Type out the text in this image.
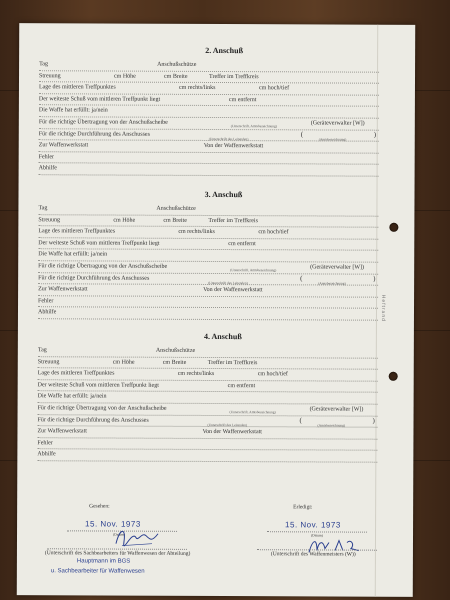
Heftrand
2. Anschuß
Tag	Anschußschütze
Streuung	cm Höhe	cm Breite	Treffer im Treffkreis
Lage des mittleren Treffpunktes	cm rechts/links	cm hoch/tief
Der weiteste Schuß vom mittleren Treffpunkt liegt	cm entfernt
Die Waffe hat erfüllt: ja/nein
Für die richtige Übertragung von der Anschußscheibe
(Unterschrift, Amtsbezeichnung)	(Geräteverwalter [W])
Für die richtige Durchführung des Anschusses	(	)
(Unterschrift des Leitenden)	(Amtsbezeichnung)
Zur Waffenwerkstatt	Von der Waffenwerkstatt
Fehler
Abhilfe
3. Anschuß
Tag	Anschußschütze
Streuung	cm Höhe	cm Breite	Treffer im Treffkreis
Lage des mittleren Treffpunktes	cm rechts/links	cm hoch/tief
Der weiteste Schuß vom mittleren Treffpunkt liegt	cm entfernt
Die Waffe hat erfüllt: ja/nein
Für die richtige Übertragung von der Anschußscheibe
(Unterschrift, Amtsbezeichnung)	(Geräteverwalter [W])
Für die richtige Durchführung des Anschusses	(	)
(Unterschrift des Leitenden)	(Amtsbezeichnung)
Zur Waffenwerkstatt	Von der Waffenwerkstatt
Fehler
Abhilfe
4. Anschuß
Tag	Anschußschütze
Streuung	cm Höhe	cm Breite	Treffer im Treffkreis
Lage des mittleren Treffpunktes	cm rechts/links	cm hoch/tief
Der weiteste Schuß vom mittleren Treffpunkt liegt	cm entfernt
Die Waffe hat erfüllt: ja/nein
Für die richtige Übertragung von der Anschußscheibe
(Unterschrift, Amtsbezeichnung)	(Geräteverwalter [W])
Für die richtige Durchführung des Anschusses	(	)
(Unterschrift des Leitenden)	(Amtsbezeichnung)
Zur Waffenwerkstatt	Von der Waffenwerkstatt
Fehler
Abhilfe
Gesehen:
15. Nov. 1973
(Datum)
(Unterschrift des Sachbearbeiters für Waffenwesen der Abteilung)
Hauptmann im BGS
u. Sachbearbeiter für Waffenwesen
Erledigt:
15. Nov. 1973
(Datum)
(Unterschrift des Waffenmeisters (W))
